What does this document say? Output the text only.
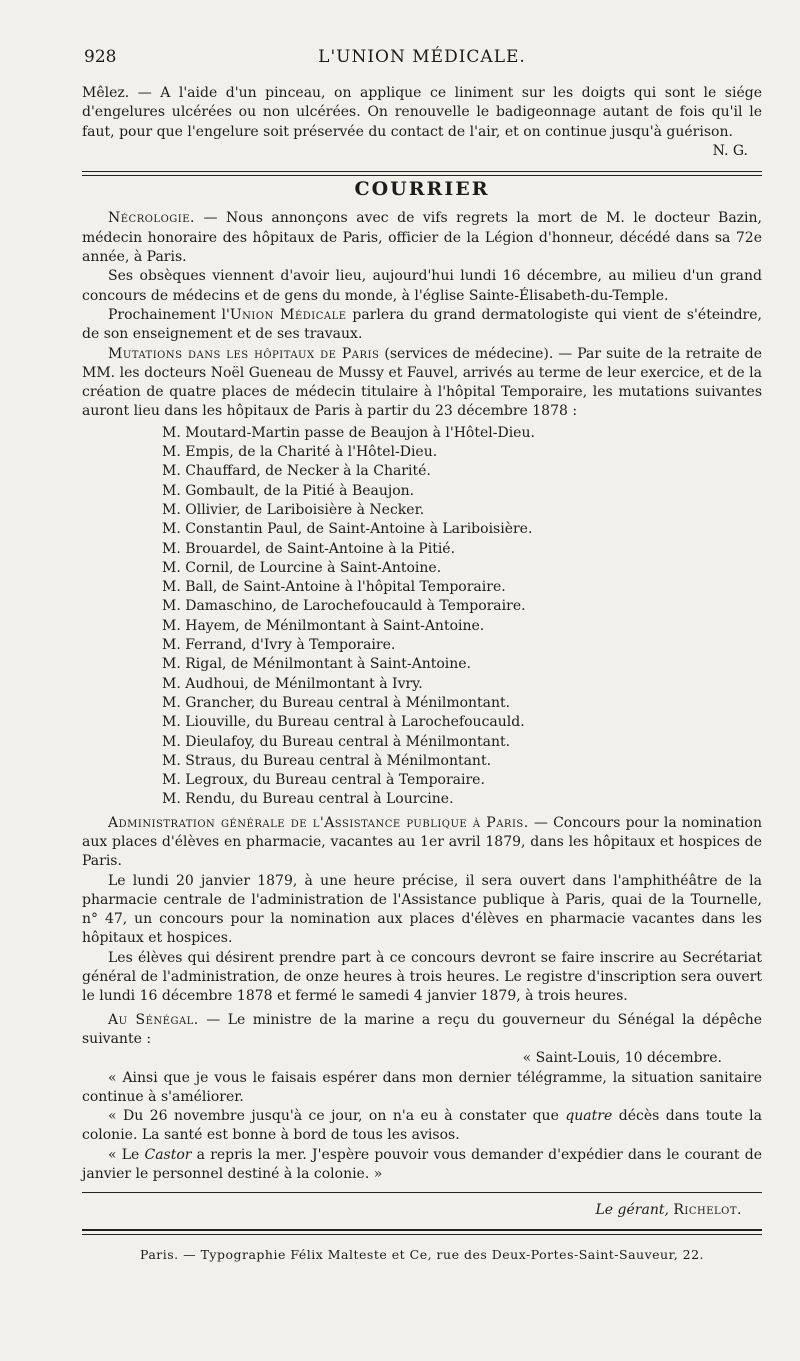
928	L'UNION MÉDICALE.

Mêlez. — A l'aide d'un pinceau, on applique ce liniment sur les doigts qui sont le siége d'engelures ulcérées ou non ulcérées. On renouvelle le badigeonnage autant de fois qu'il le faut, pour que l'engelure soit préservée du contact de l'air, et on continue jusqu'à guérison.

N. G.

COURRIER

Nécrologie. — Nous annonçons avec de vifs regrets la mort de M. le docteur Bazin, médecin honoraire des hôpitaux de Paris, officier de la Légion d'honneur, décédé dans sa 72e année, à Paris.

Ses obsèques viennent d'avoir lieu, aujourd'hui lundi 16 décembre, au milieu d'un grand concours de médecins et de gens du monde, à l'église Sainte-Élisabeth-du-Temple.

Prochainement l'Union Médicale parlera du grand dermatologiste qui vient de s'éteindre, de son enseignement et de ses travaux.

Mutations dans les hôpitaux de Paris (services de médecine). — Par suite de la retraite de MM. les docteurs Noël Gueneau de Mussy et Fauvel, arrivés au terme de leur exercice, et de la création de quatre places de médecin titulaire à l'hôpital Temporaire, les mutations suivantes auront lieu dans les hôpitaux de Paris à partir du 23 décembre 1878 :

M. Moutard-Martin passe de Beaujon à l'Hôtel-Dieu.
M. Empis, de la Charité à l'Hôtel-Dieu.
M. Chauffard, de Necker à la Charité.
M. Gombault, de la Pitié à Beaujon.
M. Ollivier, de Lariboisière à Necker.
M. Constantin Paul, de Saint-Antoine à Lariboisière.
M. Brouardel, de Saint-Antoine à la Pitié.
M. Cornil, de Lourcine à Saint-Antoine.
M. Ball, de Saint-Antoine à l'hôpital Temporaire.
M. Damaschino, de Larochefoucauld à Temporaire.
M. Hayem, de Ménilmontant à Saint-Antoine.
M. Ferrand, d'Ivry à Temporaire.
M. Rigal, de Ménilmontant à Saint-Antoine.
M. Audhoui, de Ménilmontant à Ivry.
M. Grancher, du Bureau central à Ménilmontant.
M. Liouville, du Bureau central à Larochefoucauld.
M. Dieulafoy, du Bureau central à Ménilmontant.
M. Straus, du Bureau central à Ménilmontant.
M. Legroux, du Bureau central à Temporaire.
M. Rendu, du Bureau central à Lourcine.

Administration générale de l'Assistance publique à Paris. — Concours pour la nomination aux places d'élèves en pharmacie, vacantes au 1er avril 1879, dans les hôpitaux et hospices de Paris.

Le lundi 20 janvier 1879, à une heure précise, il sera ouvert dans l'amphithéâtre de la pharmacie centrale de l'administration de l'Assistance publique à Paris, quai de la Tournelle, n° 47, un concours pour la nomination aux places d'élèves en pharmacie vacantes dans les hôpitaux et hospices.

Les élèves qui désirent prendre part à ce concours devront se faire inscrire au Secrétariat général de l'administration, de onze heures à trois heures. Le registre d'inscription sera ouvert le lundi 16 décembre 1878 et fermé le samedi 4 janvier 1879, à trois heures.

Au Sénégal. — Le ministre de la marine a reçu du gouverneur du Sénégal la dépêche suivante :

« Saint-Louis, 10 décembre.

« Ainsi que je vous le faisais espérer dans mon dernier télégramme, la situation sanitaire continue à s'améliorer.

« Du 26 novembre jusqu'à ce jour, on n'a eu à constater que quatre décès dans toute la colonie. La santé est bonne à bord de tous les avisos.

« Le Castor a repris la mer. J'espère pouvoir vous demander d'expédier dans le courant de janvier le personnel destiné à la colonie. »

Le gérant, Richelot.
Paris. — Typographie Félix Malteste et Ce, rue des Deux-Portes-Saint-Sauveur, 22.
